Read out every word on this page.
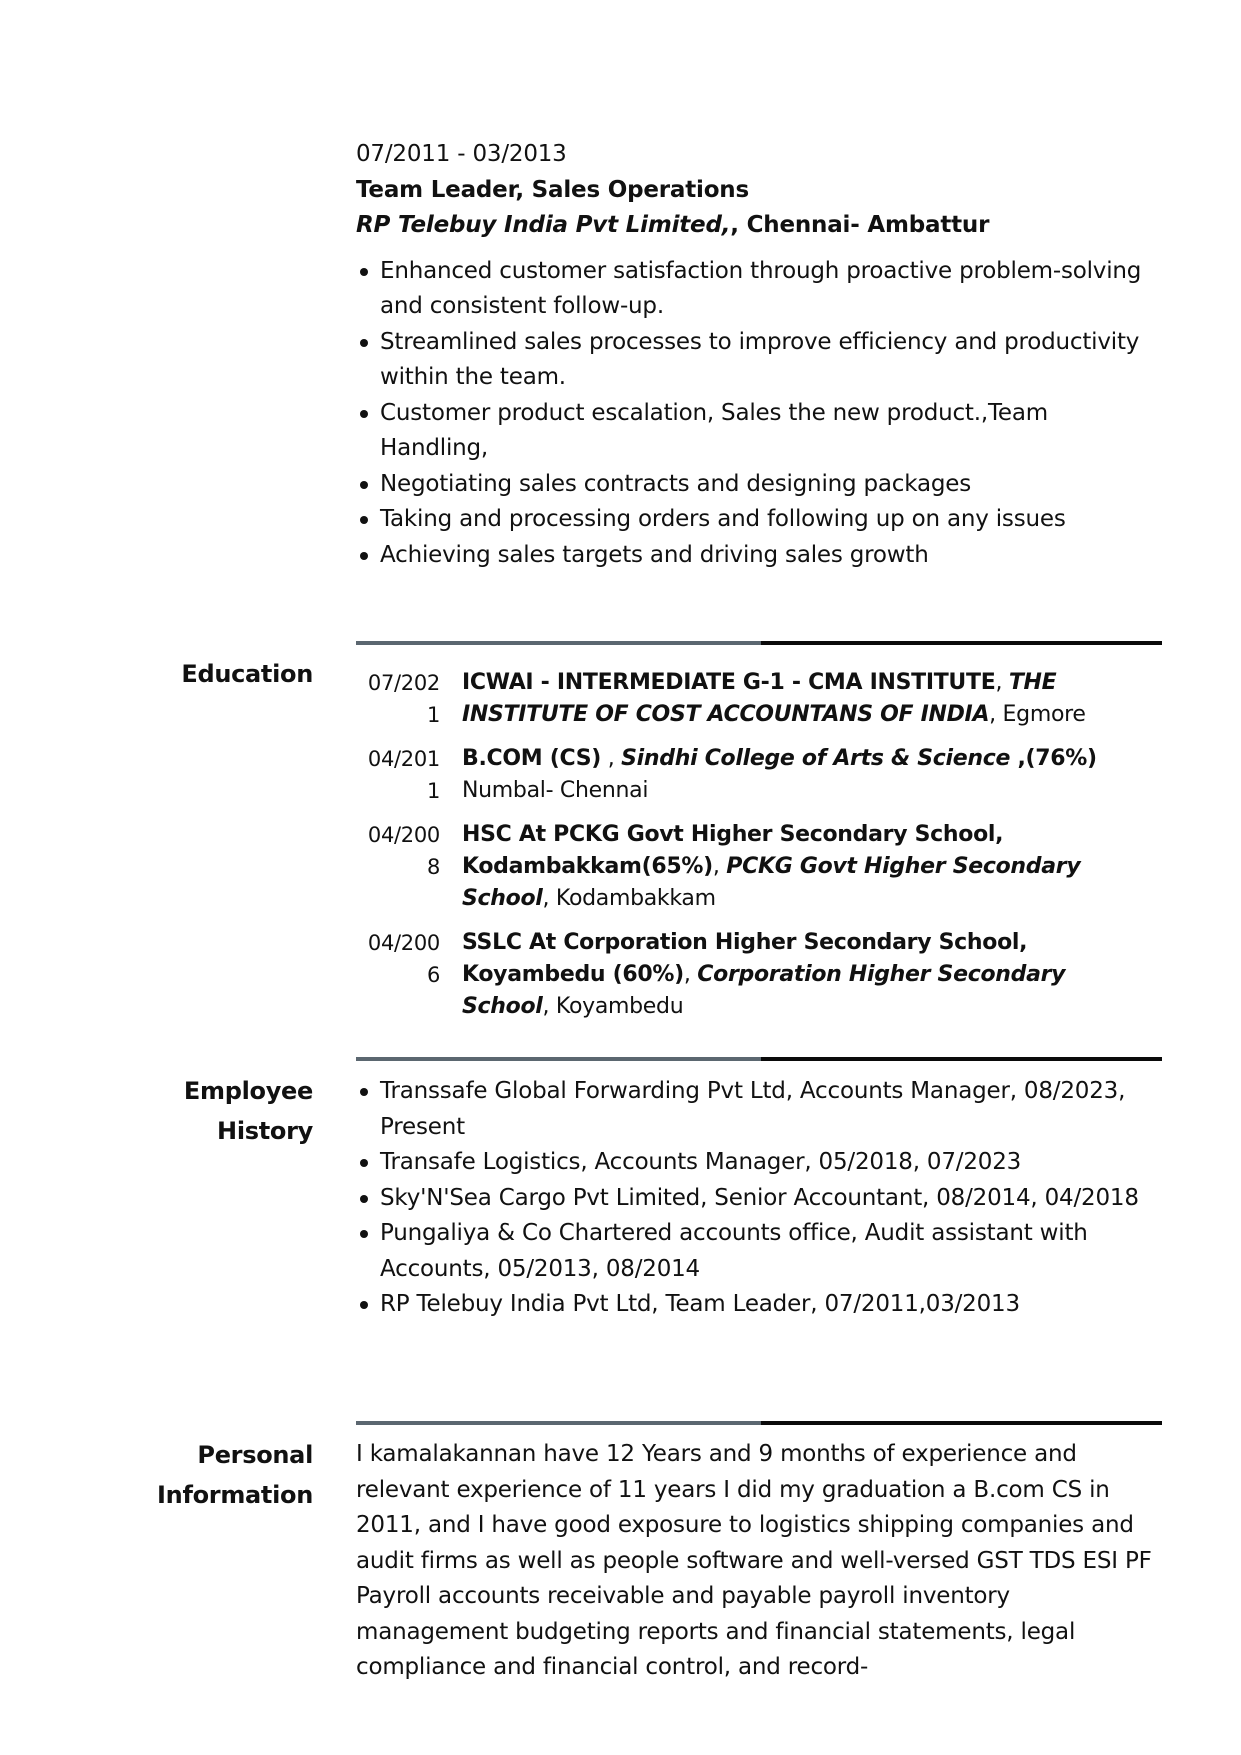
07/2011 - 03/2013
Team Leader, Sales Operations
RP Telebuy India Pvt Limited,, Chennai- Ambattur
Enhanced customer satisfaction through proactive problem-solving and consistent follow-up.
Streamlined sales processes to improve efficiency and productivity within the team.
Customer product escalation, Sales the new product.,Team Handling,
Negotiating sales contracts and designing packages
Taking and processing orders and following up on any issues
Achieving sales targets and driving sales growth
Education	07/2021
ICWAI - INTERMEDIATE G-1 - CMA INSTITUTE, THE INSTITUTE OF COST ACCOUNTANS OF INDIA, Egmore
04/2011
B.COM (CS) , Sindhi College of Arts & Science ,(76%)
Numbal- Chennai
04/2008
HSC At PCKG Govt Higher Secondary School, Kodambakkam(65%), PCKG Govt Higher Secondary School, Kodambakkam
04/2006
SSLC At Corporation Higher Secondary School, Koyambedu (60%), Corporation Higher Secondary School, Koyambedu
Employee
History
Transsafe Global Forwarding Pvt Ltd, Accounts Manager, 08/2023, Present
Transafe Logistics, Accounts Manager, 05/2018, 07/2023
Sky'N'Sea Cargo Pvt Limited, Senior Accountant, 08/2014, 04/2018
Pungaliya & Co Chartered accounts office, Audit assistant with Accounts, 05/2013, 08/2014
RP Telebuy India Pvt Ltd, Team Leader, 07/2011,03/2013
Personal
Information
I kamalakannan have 12 Years and 9 months of experience and relevant experience of 11 years I did my graduation a B.com CS in 2011, and I have good exposure to logistics shipping companies and audit firms as well as people software and well-versed GST TDS ESI PF Payroll accounts receivable and payable payroll inventory management budgeting reports and financial statements, legal compliance and financial control, and record-
